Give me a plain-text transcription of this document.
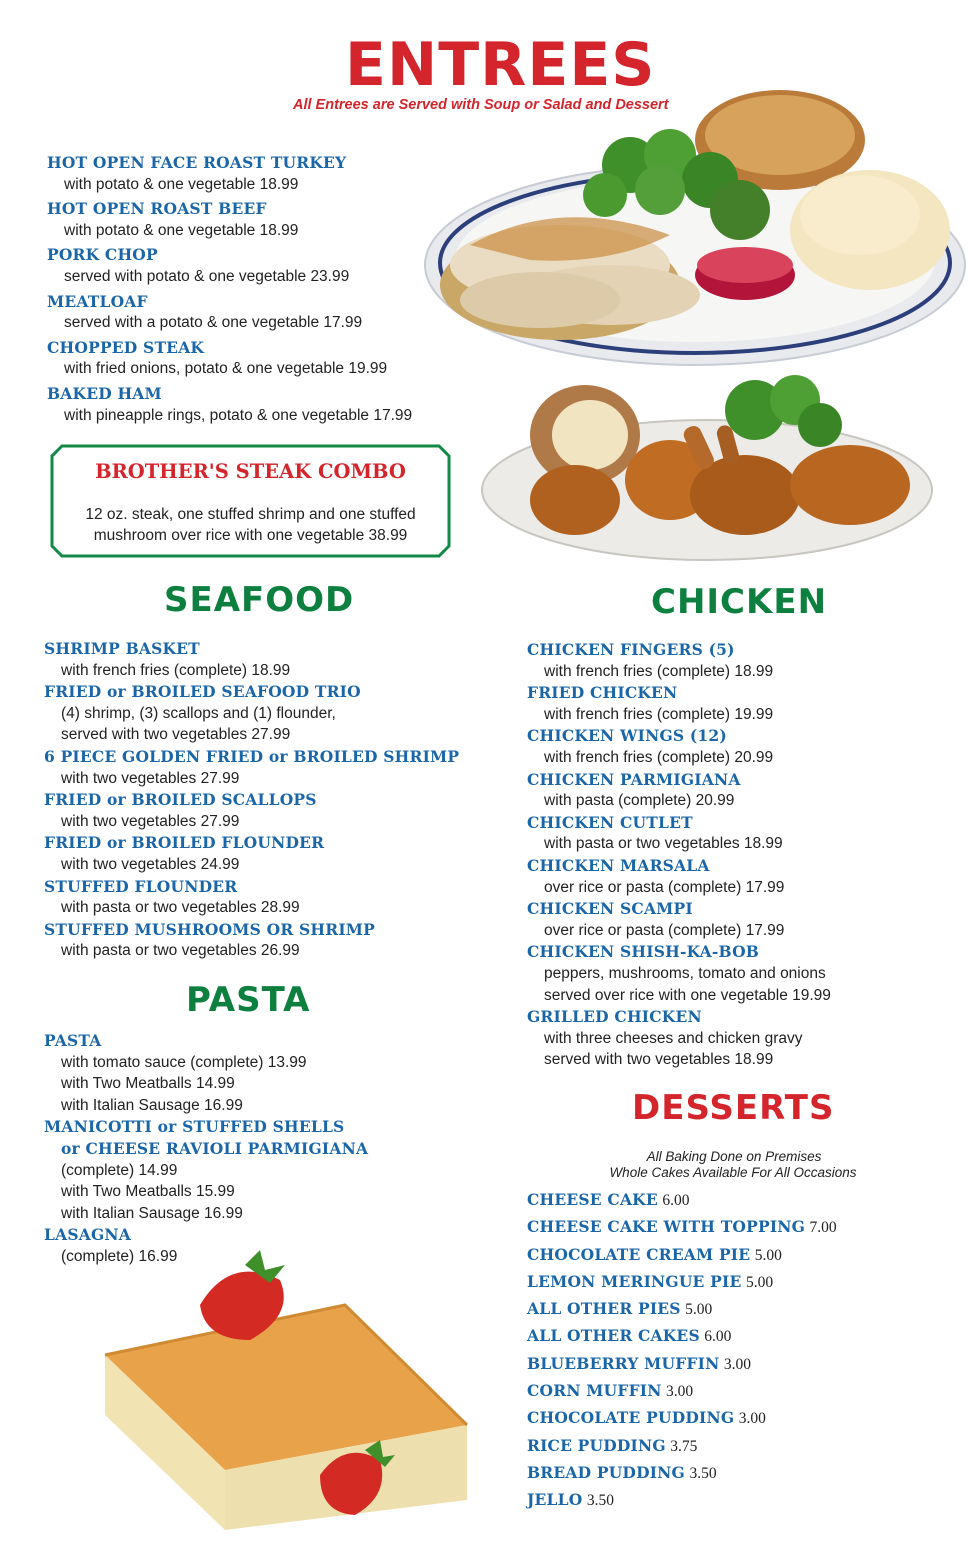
ENTREES
All Entrees are Served with Soup or Salad and Dessert
HOT OPEN FACE ROAST TURKEY
with potato & one vegetable 18.99
HOT OPEN ROAST BEEF
with potato & one vegetable 18.99
PORK CHOP
served with potato & one vegetable 23.99
MEATLOAF
served with a potato & one vegetable 17.99
CHOPPED STEAK
with fried onions, potato & one vegetable 19.99
BAKED HAM
with pineapple rings, potato & one vegetable 17.99
BROTHER'S STEAK COMBO
12 oz. steak, one stuffed shrimp and one stuffed
mushroom over rice with one vegetable 38.99
SEAFOOD
SHRIMP BASKET
with french fries (complete) 18.99
FRIED or BROILED SEAFOOD TRIO
(4) shrimp, (3) scallops and (1) flounder,
served with two vegetables 27.99
6 PIECE GOLDEN FRIED or BROILED SHRIMP
with two vegetables 27.99
FRIED or BROILED SCALLOPS
with two vegetables 27.99
FRIED or BROILED FLOUNDER
with two vegetables 24.99
STUFFED FLOUNDER
with pasta or two vegetables 28.99
STUFFED MUSHROOMS OR SHRIMP
with pasta or two vegetables 26.99
PASTA
PASTA
with tomato sauce (complete) 13.99
with Two Meatballs 14.99
with Italian Sausage 16.99
MANICOTTI or STUFFED SHELLS
or CHEESE RAVIOLI PARMIGIANA
(complete) 14.99
with Two Meatballs 15.99
with Italian Sausage 16.99
LASAGNA
(complete) 16.99
CHICKEN
CHICKEN FINGERS (5)
with french fries (complete) 18.99
FRIED CHICKEN
with french fries (complete) 19.99
CHICKEN WINGS (12)
with french fries (complete) 20.99
CHICKEN PARMIGIANA
with pasta (complete) 20.99
CHICKEN CUTLET
with pasta or two vegetables 18.99
CHICKEN MARSALA
over rice or pasta (complete) 17.99
CHICKEN SCAMPI
over rice or pasta (complete) 17.99
CHICKEN SHISH-KA-BOB
peppers, mushrooms, tomato and onions
served over rice with one vegetable 19.99
GRILLED CHICKEN
with three cheeses and chicken gravy
served with two vegetables 18.99
DESSERTS
All Baking Done on Premises
Whole Cakes Available For All Occasions
CHEESE CAKE 6.00
CHEESE CAKE WITH TOPPING 7.00
CHOCOLATE CREAM PIE 5.00
LEMON MERINGUE PIE 5.00
ALL OTHER PIES 5.00
ALL OTHER CAKES 6.00
BLUEBERRY MUFFIN 3.00
CORN MUFFIN 3.00
CHOCOLATE PUDDING 3.00
RICE PUDDING 3.75
BREAD PUDDING 3.50
JELLO 3.50
